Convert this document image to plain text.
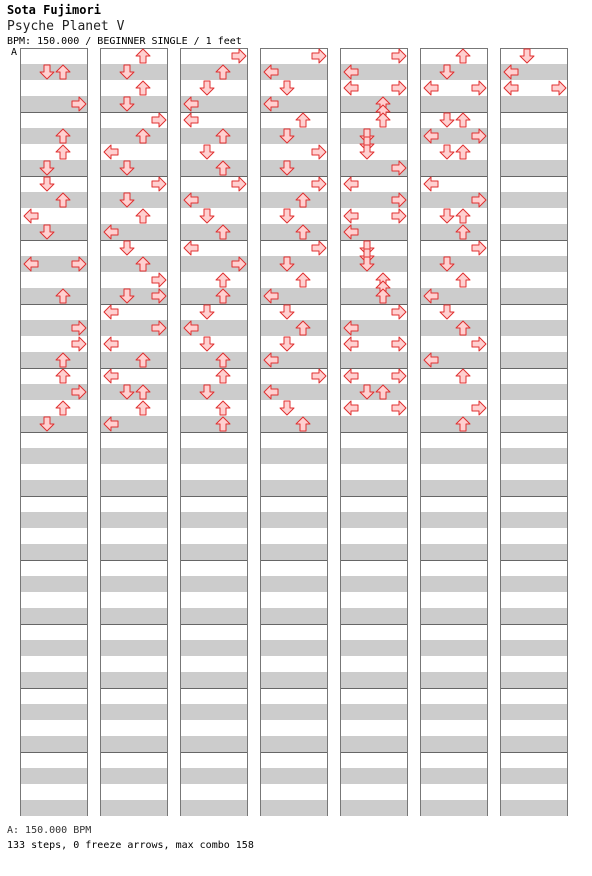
Sota Fujimori
Psyche Planet V
BPM: 150.000 / BEGINNER SINGLE / 1 feet
A
A: 150.000 BPM
133 steps, 0 freeze arrows, max combo 158
